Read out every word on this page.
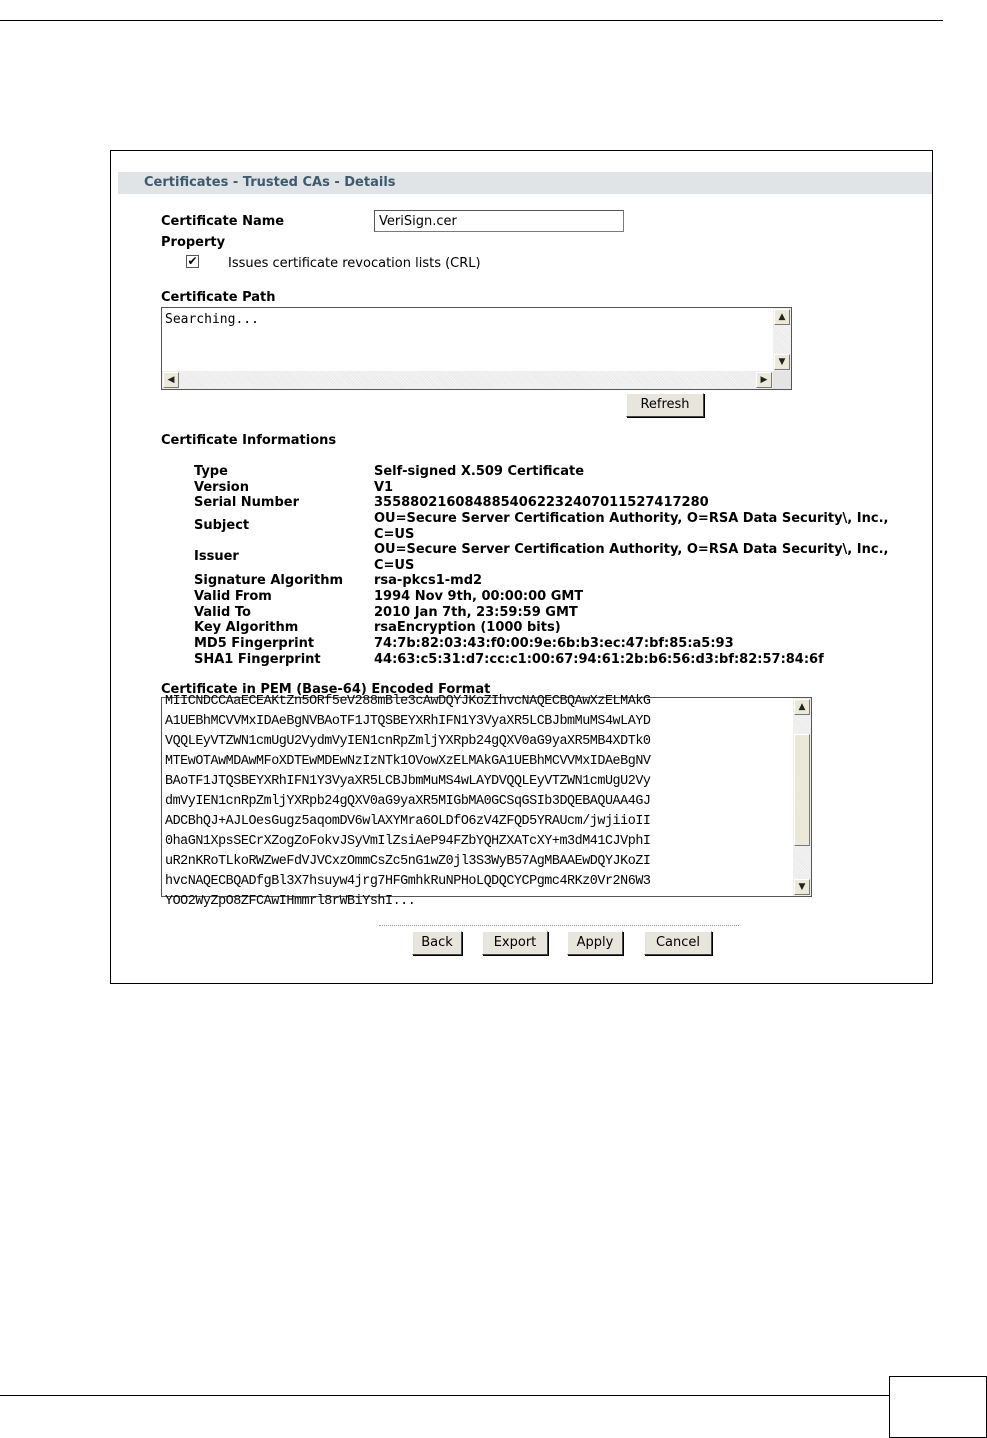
Certificates - Trusted CAs - Details
Certificate Name
VeriSign.cer
Property
✔ Issues certificate revocation lists (CRL)
Certificate Path
Searching...	▲
▼
◀	▶
Refresh
Certificate Informations
Type	Self-signed X.509 Certificate
Version	V1
Serial Number	3558802160848854062232407011527417280
Subject	OU=Secure Server Certification Authority, O=RSA Data Security\, Inc.,
C=US
Issuer	OU=Secure Server Certification Authority, O=RSA Data Security\, Inc.,
C=US
Signature Algorithm rsa-pkcs1-md2
Valid From	1994 Nov 9th, 00:00:00 GMT
Valid To	2010 Jan 7th, 23:59:59 GMT
Key Algorithm	rsaEncryption (1000 bits)
MD5 Fingerprint	74:7b:82:03:43:f0:00:9e:6b:b3:ec:47:bf:85:a5:93
SHA1 Fingerprint	44:63:c5:31:d7:cc:c1:00:67:94:61:2b:b6:56:d3:bf:82:57:84:6f
Certificate in PEM (Base-64) Encoded Format
MIICNDCCAaECEAKtZn5ORf5eV288mBle3cAwDQYJKoZIhvcNAQECBQAwXzELMAkG
A1UEBhMCVVMxIDAeBgNVBAoTF1JTQSBEYXRhIFN1Y3VyaXR5LCBJbmMuMS4wLAYD
VQQLEyVTZWN1cmUgU2VydmVyIEN1cnRpZmljYXRpb24gQXV0aG9yaXR5MB4XDTk0
MTEwOTAwMDAwMFoXDTEwMDEwNzIzNTk1OVowXzELMAkGA1UEBhMCVVMxIDAeBgNV
BAoTF1JTQSBEYXRhIFN1Y3VyaXR5LCBJbmMuMS4wLAYDVQQLEyVTZWN1cmUgU2Vy
dmVyIEN1cnRpZmljYXRpb24gQXV0aG9yaXR5MIGbMA0GCSqGSIb3DQEBAQUAA4GJ
ADCBhQJ+AJLOesGugz5aqomDV6wlAXYMra6OLDfO6zV4ZFQD5YRAUcm/jwjiioII
0haGN1XpsSECrXZogZoFokvJSyVmIlZsiAeP94FZbYQHZXATcXY+m3dM41CJVphI
uR2nKRoTLkoRWZweFdVJVCxzOmmCsZc5nG1wZ0jl3S3WyB57AgMBAAEwDQYJKoZI
hvcNAQECBQADfgBl3X7hsuyw4jrg7HFGmhkRuNPHoLQDQCYCPgmc4RKz0Vr2N6W3
YOO2WyZpO8ZFCAwIHmmrl8rWBiYshI...
▲
▼
Back	Export	Apply	Cancel
